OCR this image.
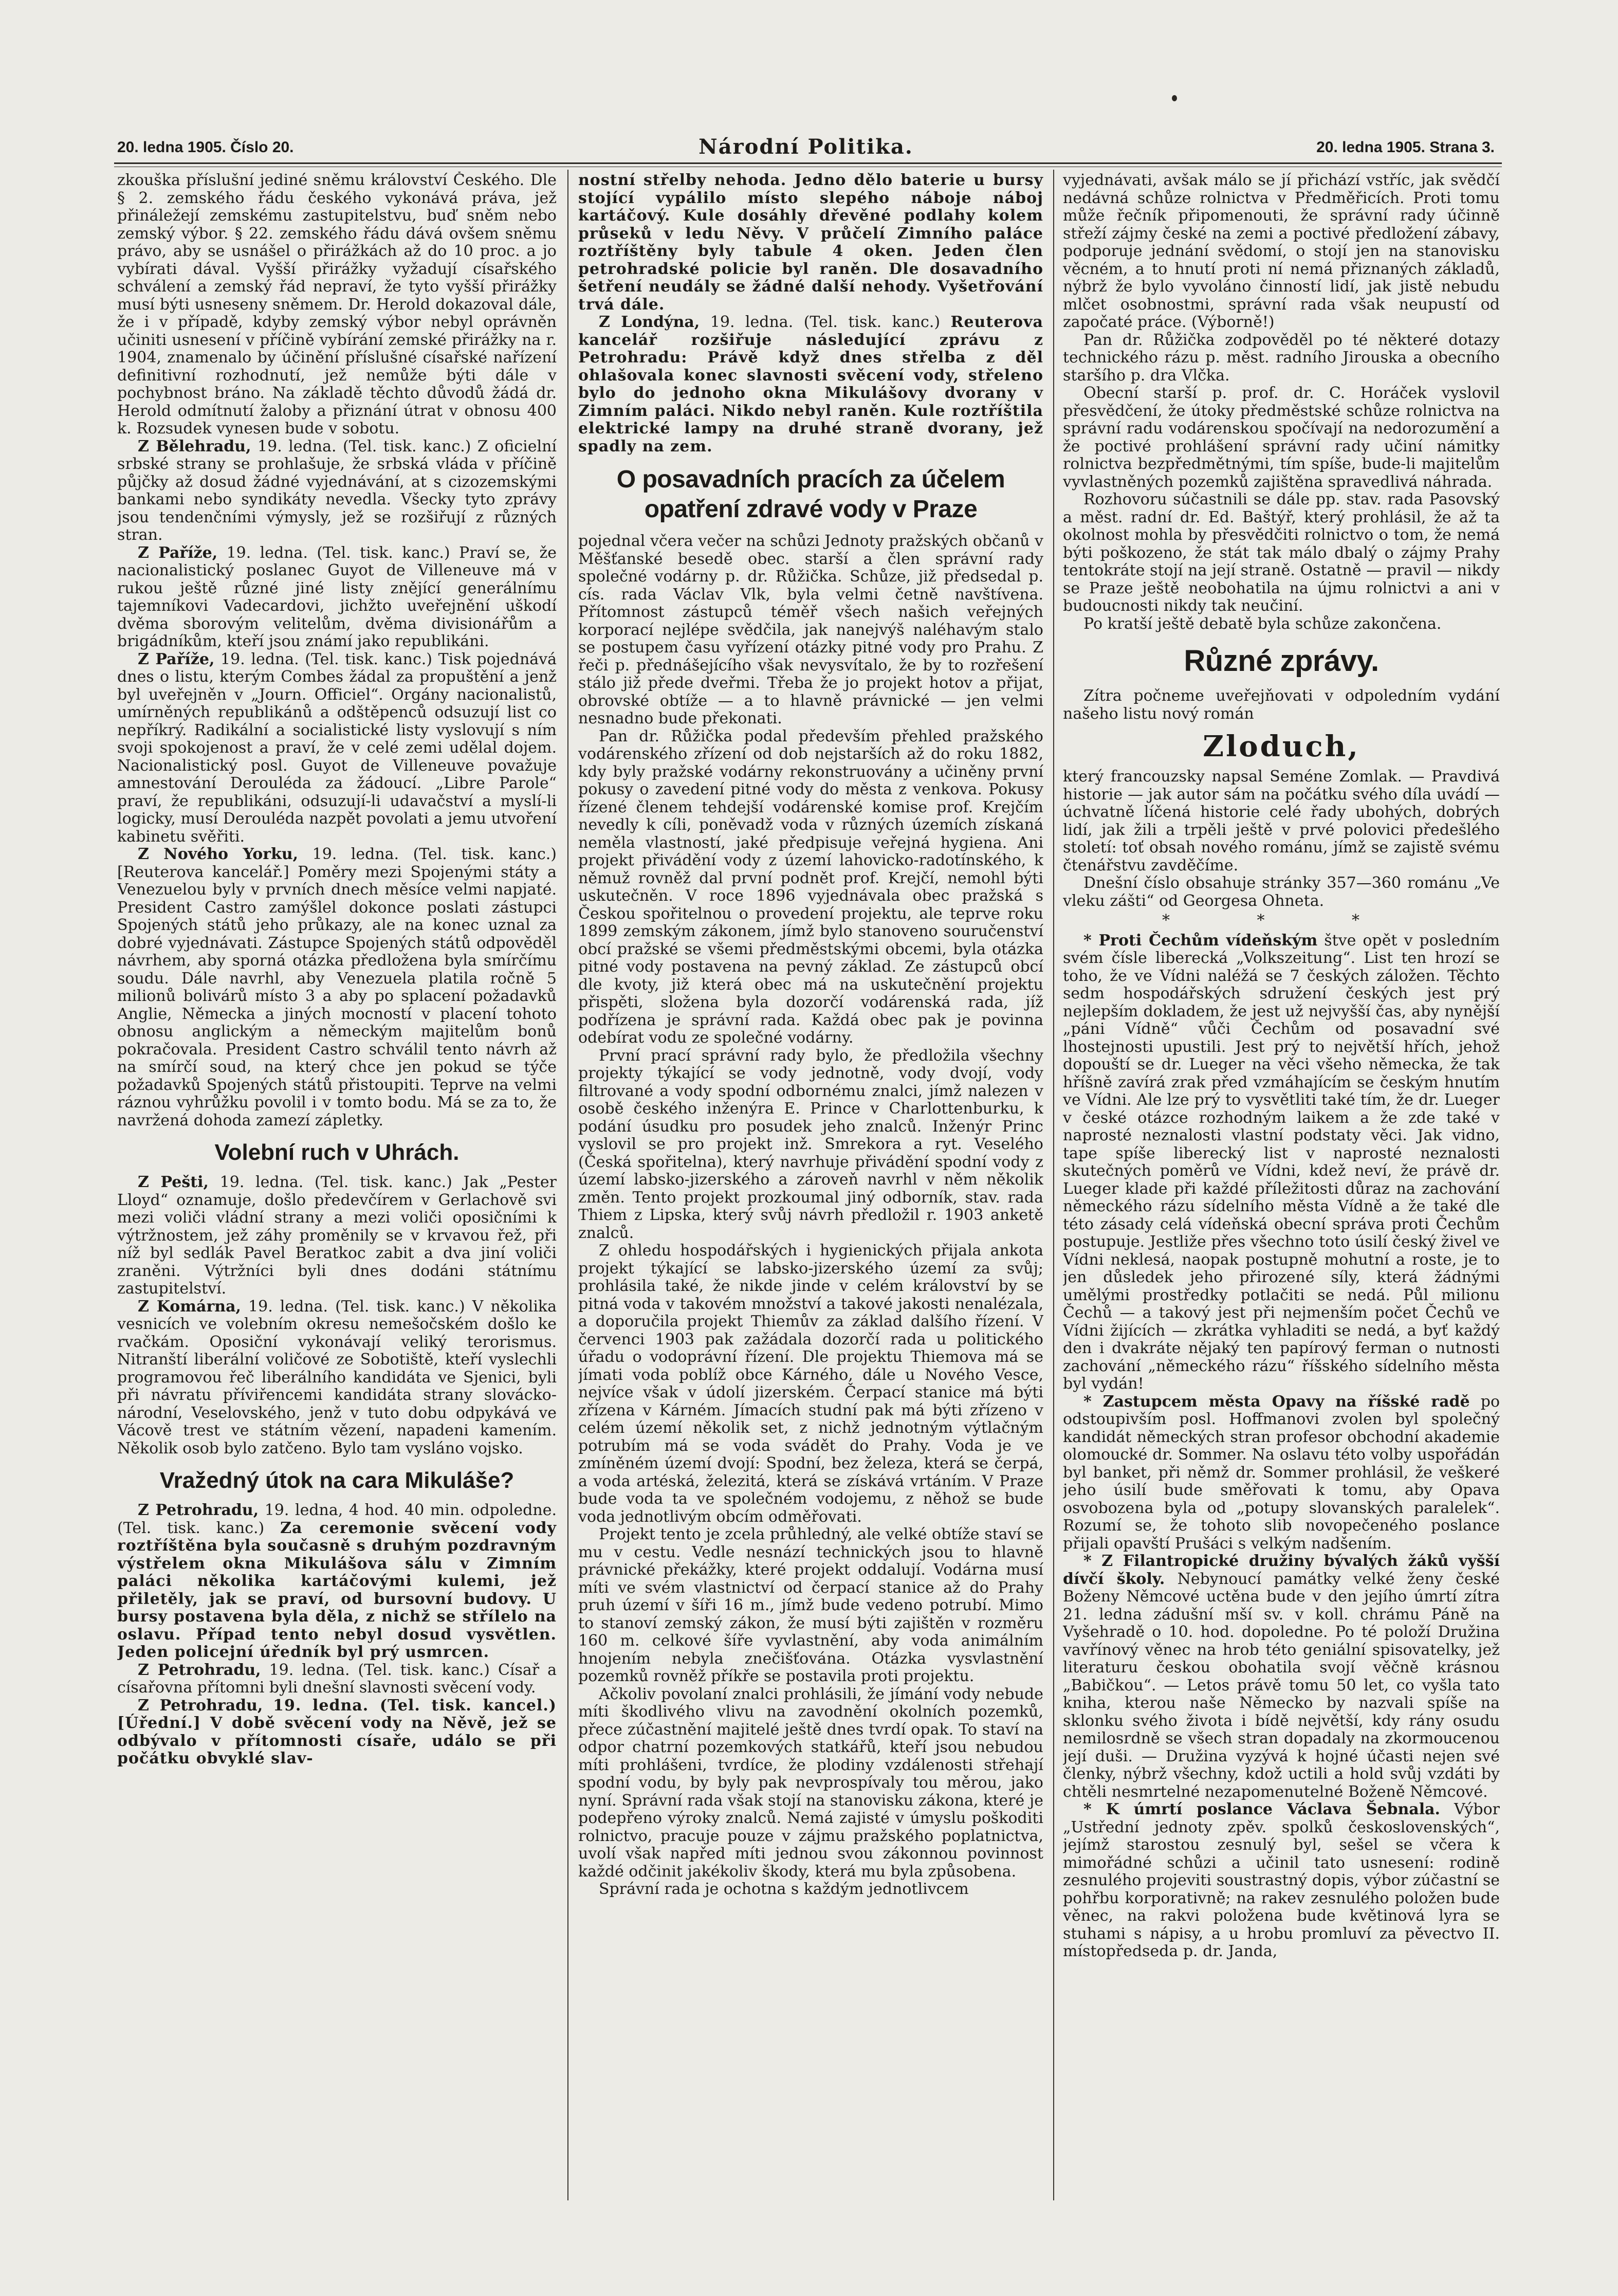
20. ledna 1905. Číslo 20.	Národní Politika.	20. ledna 1905. Strana 3.

zkouška příslušní jediné sněmu království Českého. Dle § 2. zemského řádu českého vykonává práva, jež přináležejí zemskému zastupitelstvu, buď sněm nebo zemský výbor. § 22. zemského řádu dává ovšem sněmu právo, aby se usnášel o přirážkách až do 10 proc. a jo vybírati dával. Vyšší přirážky vyžadují císařského schválení a zemský řád nepraví, že tyto vyšší přirážky musí býti usneseny sněmem. Dr. Herold dokazoval dále, že i v případě, kdyby zemský výbor nebyl oprávněn učiniti usnesení v příčině vybírání zemské přirážky na r. 1904, znamenalo by účinění příslušné císařské nařízení definitivní rozhodnutí, jež nemůže býti dále v pochybnost bráno. Na základě těchto důvodů žádá dr. Herold odmítnutí žaloby a přiznání útrat v obnosu 400 k. Rozsudek vynesen bude v sobotu.

Z Bělehradu, 19. ledna. (Tel. tisk. kanc.) Z oficielní srbské strany se prohlašuje, že srbská vláda v příčině půjčky až dosud žádné vyjednávání, at s cizozemskými bankami nebo syndikáty nevedla. Všecky tyto zprávy jsou tendenčními výmysly, jež se rozšiřují z různých stran.

Z Paříže, 19. ledna. (Tel. tisk. kanc.) Praví se, že nacionalistický poslanec Guyot de Villeneuve má v rukou ještě různé jiné listy znějící generálnímu tajemníkovi Vadecardovi, jichžto uveřejnění uškodí dvěma sborovým velitelům, dvěma divisionářům a brigádníkům, kteří jsou známí jako republikáni.

Z Paříže, 19. ledna. (Tel. tisk. kanc.) Tisk pojednává dnes o listu, kterým Combes žádal za propuštění a jenž byl uveřejněn v „Journ. Officiel“. Orgány nacionalistů, umírněných republikánů a odštěpenců odsuzují list co nepříkrý. Radikální a socialistické listy vyslovují s ním svoji spokojenost a praví, že v celé zemi udělal dojem. Nacionalistický posl. Guyot de Villeneuve považuje amnestování Derouléda za žádoucí. „Libre Parole“ praví, že republikáni, odsuzují-li udavačství a myslí-li logicky, musí Derouléda nazpět povolati a jemu utvoření kabinetu svěřiti.

Z Nového Yorku, 19. ledna. (Tel. tisk. kanc.) [Reuterova kancelář.] Poměry mezi Spojenými státy a Venezuelou byly v prvních dnech měsíce velmi napjaté. President Castro zamýšlel dokonce poslati zástupci Spojených států jeho průkazy, ale na konec uznal za dobré vyjednávati. Zástupce Spojených států odpověděl návrhem, aby sporná otázka předložena byla smírčímu soudu. Dále navrhl, aby Venezuela platila ročně 5 milionů bolivárů místo 3 a aby po splacení požadavků Anglie, Německa a jiných mocností v placení tohoto obnosu anglickým a německým majitelům bonů pokračovala. President Castro schválil tento návrh až na smírčí soud, na který chce jen pokud se týče požadavků Spojených států přistoupiti. Teprve na velmi ráznou vyhrůžku povolil i v tomto bodu. Má se za to, že navržená dohoda zamezí zápletky.

Volební ruch v Uhrách.

Z Pešti, 19. ledna. (Tel. tisk. kanc.) Jak „Pester Lloyd“ oznamuje, došlo předevčírem v Gerlachově svi mezi voliči vládní strany a mezi voliči oposičními k výtržnostem, jež záhy proměnily se v krvavou řež, při níž byl sedlák Pavel Beratkoc zabit a dva jiní voliči zraněni. Výtržníci byli dnes dodáni státnímu zastupitelství.

Z Komárna, 19. ledna. (Tel. tisk. kanc.) V několika vesnicích ve volebním okresu nemešočském došlo ke rvačkám. Oposiční vykonávají veliký terorismus. Nitranští liberální voličové ze Sobotiště, kteří vyslechli programovou řeč liberálního kandidáta ve Sjenici, byli při návratu příviřencemi kandidáta strany slovácko-národní, Veselovského, jenž v tuto dobu odpykává ve Vácově trest ve státním vězení, napadeni kamením. Několik osob bylo zatčeno. Bylo tam vysláno vojsko.

Vražedný útok na cara Mikuláše?

Z Petrohradu, 19. ledna, 4 hod. 40 min. odpoledne. (Tel. tisk. kanc.) Za ceremonie svěcení vody roztříštěna byla současně s druhým pozdravným výstřelem okna Mikulášova sálu v Zimním paláci několika kartáčovými kulemi, jež přiletěly, jak se praví, od bursovní budovy. U bursy postavena byla děla, z nichž se střílelo na oslavu. Případ tento nebyl dosud vysvětlen. Jeden policejní úředník byl prý usmrcen.

Z Petrohradu, 19. ledna. (Tel. tisk. kanc.) Císař a císařovna přítomni byli dnešní slavnosti svěcení vody.

Z Petrohradu, 19. ledna. (Tel. tisk. kancel.) [Úřední.] V době svěcení vody na Něvě, jež se odbývalo v přítomnosti císaře, událo se při počátku obvyklé slav-

nostní střelby nehoda. Jedno dělo baterie u bursy stojící vypálilo místo slepého náboje náboj kartáčový. Kule dosáhly dřevěné podlahy kolem průseků v ledu Něvy. V průčelí Zimního paláce roztříštěny byly tabule 4 oken. Jeden člen petrohradské policie byl raněn. Dle dosavadního šetření neudály se žádné další nehody. Vyšetřování trvá dále.

Z Londýna, 19. ledna. (Tel. tisk. kanc.) Reuterova kancelář rozšiřuje následující zprávu z Petrohradu: Právě když dnes střelba z děl ohlašovala konec slavnosti svěcení vody, střeleno bylo do jednoho okna Mikulášovy dvorany v Zimním paláci. Nikdo nebyl raněn. Kule roztříštila elektrické lampy na druhé straně dvorany, jež spadly na zem.

O posavadních pracích za účelem opatření zdravé vody v Praze

pojednal včera večer na schůzi Jednoty pražských občanů v Měšťanské besedě obec. starší a člen správní rady společné vodárny p. dr. Růžička. Schůze, již předsedal p. cís. rada Václav Vlk, byla velmi četně navštívena. Přítomnost zástupců téměř všech našich veřejných korporací nejlépe svědčila, jak nanejvýš naléhavým stalo se postupem času vyřízení otázky pitné vody pro Prahu. Z řeči p. přednášejícího však nevysvítalo, že by to rozřešení stálo již přede dveřmi. Třeba že jo projekt hotov a přijat, obrovské obtíže — a to hlavně právnické — jen velmi nesnadno bude překonati.

Pan dr. Růžička podal především přehled pražského vodárenského zřízení od dob nejstarších až do roku 1882, kdy byly pražské vodárny rekonstruovány a učiněny první pokusy o zavedení pitné vody do města z venkova. Pokusy řízené členem tehdejší vodárenské komise prof. Krejčím nevedly k cíli, poněvadž voda v různých územích získaná neměla vlastností, jaké předpisuje veřejná hygiena. Ani projekt přivádění vody z území lahovicko-radotínského, k němuž rovněž dal první podnět prof. Krejčí, nemohl býti uskutečněn. V roce 1896 vyjednávala obec pražská s Českou spořitelnou o provedení projektu, ale teprve roku 1899 zemským zákonem, jímž bylo stanoveno souručenství obcí pražské se všemi předměstskými obcemi, byla otázka pitné vody postavena na pevný základ. Ze zástupců obcí dle kvoty, již která obec má na uskutečnění projektu přispěti, složena byla dozorčí vodárenská rada, jíž podřízena je správní rada. Každá obec pak je povinna odebírat vodu ze společné vodárny.

První prací správní rady bylo, že předložila všechny projekty týkající se vody jednotně, vody dvojí, vody filtrované a vody spodní odbornému znalci, jímž nalezen v osobě českého inženýra E. Prince v Charlottenburku, k podání úsudku pro posudek jeho znalců. Inženýr Princ vyslovil se pro projekt inž. Smrekora a ryt. Veselého (Česká spořitelna), který navrhuje přivádění spodní vody z území labsko-jizerského a zároveň navrhl v něm několik změn. Tento projekt prozkoumal jiný odborník, stav. rada Thiem z Lipska, který svůj návrh předložil r. 1903 anketě znalců.

Z ohledu hospodářských i hygienických přijala ankota projekt týkající se labsko-jizerského území za svůj; prohlásila také, že nikde jinde v celém království by se pitná voda v takovém množství a takové jakosti nenalézala, a doporučila projekt Thiemův za základ dalšího řízení. V červenci 1903 pak zažádala dozorčí rada u politického úřadu o vodoprávní řízení. Dle projektu Thiemova má se jímati voda poblíž obce Kárného, dále u Nového Vesce, nejvíce však v údolí jizerském. Čerpací stanice má býti zřízena v Kárném. Jímacích studní pak má býti zřízeno v celém území několik set, z nichž jednotným výtlačným potrubím má se voda svádět do Prahy. Voda je ve zmíněném území dvojí: Spodní, bez železa, která se čerpá, a voda artéská, železitá, která se získává vrtáním. V Praze bude voda ta ve společném vodojemu, z něhož se bude voda jednotlivým obcím odměřovati.

Projekt tento je zcela průhledný, ale velké obtíže staví se mu v cestu. Vedle nesnází technických jsou to hlavně právnické překážky, které projekt oddalují. Vodárna musí míti ve svém vlastnictví od čerpací stanice až do Prahy pruh území v šíři 16 m., jímž bude vedeno potrubí. Mimo to stanoví zemský zákon, že musí býti zajištěn v rozměru 160 m. celkové šíře vyvlastnění, aby voda animálním hnojením nebyla znečišťována. Otázka vysvlastnění pozemků rovněž příkře se postavila proti projektu.

Ačkoliv povolaní znalci prohlásili, že jímání vody nebude míti škodlivého vlivu na zavodnění okolních pozemků, přece zúčastnění majitelé ještě dnes tvrdí opak. To staví na odpor chatrní pozemkových statkářů, kteří jsou nebudou míti prohlášeni, tvrdíce, že plodiny vzdálenosti střehají spodní vodu, by byly pak nevprospívaly tou měrou, jako nyní. Správní rada však stojí na stanovisku zákona, které je podepřeno výroky znalců. Nemá zajisté v úmyslu poškoditi rolnictvo, pracuje pouze v zájmu pražského poplatnictva, uvolí však napřed míti jednou svou zákonnou povinnost každé odčinit jakékoliv škody, která mu byla způsobena.

Správní rada je ochotna s každým jednotlivcem

vyjednávati, avšak málo se jí přichází vstříc, jak svědčí nedávná schůze rolnictva v Předměřicích. Proti tomu může řečník připomenouti, že správní rady účinně střeží zájmy české na zemi a poctivé předložení zábavy, podporuje jednání svědomí, o stojí jen na stanovisku věcném, a to hnutí proti ní nemá přiznaných základů, nýbrž že bylo vyvoláno činností lidí, jak jistě nebudu mlčet osobnostmi, správní rada však neupustí od započaté práce. (Výborně!)

Pan dr. Růžička zodpověděl po té některé dotazy technického rázu p. měst. radního Jirouska a obecního staršího p. dra Vlčka.

Obecní starší p. prof. dr. C. Horáček vyslovil přesvědčení, že útoky předměstské schůze rolnictva na správní radu vodárenskou spočívají na nedorozumění a že poctivé prohlášení správní rady učiní námitky rolnictva bezpředmětnými, tím spíše, bude-li majitelům vyvlastněných pozemků zajištěna spravedlivá náhrada.

Rozhovoru súčastnili se dále pp. stav. rada Pasovský a měst. radní dr. Ed. Baštýř, který prohlásil, že až ta okolnost mohla by přesvědčiti rolnictvo o tom, že nemá býti poškozeno, že stát tak málo dbalý o zájmy Prahy tentokráte stojí na její straně. Ostatně — pravil — nikdy se Praze ještě neobohatila na újmu rolnictvi a ani v budoucnosti nikdy tak neučiní.

Po kratší ještě debatě byla schůze zakončena.

Různé zprávy.

Zítra počneme uveřejňovati v odpoledním vydání našeho listu nový román

Zloduch,

který francouzsky napsal Seméne Zomlak. — Pravdivá historie — jak autor sám na počátku svého díla uvádí — úchvatně líčená historie celé řady ubohých, dobrých lidí, jak žili a trpěli ještě v prvé polovici předešlého století: toť obsah nového románu, jímž se zajistě svému čtenářstvu zavděčíme.

Dnešní číslo obsahuje stránky 357—360 románu „Ve vleku zášti“ od Georgesa Ohneta.

* * *

* Proti Čechům vídeňským štve opět v posledním svém čísle liberecká „Volkszeitung“. List ten hrozí se toho, že ve Vídni naléžá se 7 českých záložen. Těchto sedm hospodářských sdružení českých jest prý nejlepším dokladem, že jest už nejvyšší čas, aby nynější „páni Vídně“ vůči Čechům od posavadní své lhostejnosti upustili. Jest prý to největší hřích, jehož dopouští se dr. Lueger na věci všeho německa, že tak hříšně zavírá zrak před vzmáhajícím se českým hnutím ve Vídni. Ale lze prý to vysvětliti také tím, že dr. Lueger v české otázce rozhodným laikem a že zde také v naprosté neznalosti vlastní podstaty věci. Jak vidno, tape spíše liberecký list v naprosté neznalosti skutečných poměrů ve Vídni, kdež neví, že právě dr. Lueger klade při každé příležitosti důraz na zachování německého rázu sídelního města Vídně a že také dle této zásady celá vídeňská obecní správa proti Čechům postupuje. Jestliže přes všechno toto úsilí český živel ve Vídni neklesá, naopak postupně mohutní a roste, je to jen důsledek jeho přirozené síly, která žádnými umělými prostředky potlačiti se nedá. Půl milionu Čechů — a takový jest při nejmenším počet Čechů ve Vídni žijících — zkrátka vyhladiti se nedá, a byť každý den i dvakráte nějaký ten papírový ferman o nutnosti zachování „německého rázu“ říšského sídelního města byl vydán!

* Zastupcem města Opavy na říšské radě po odstoupivším posl. Hoffmanovi zvolen byl společný kandidát německých stran profesor obchodní akademie olomoucké dr. Sommer. Na oslavu této volby uspořádán byl banket, při němž dr. Sommer prohlásil, že veškeré jeho úsilí bude směřovati k tomu, aby Opava osvobozena byla od „potupy slovanských paralelek“. Rozumí se, že tohoto slib novopečeného poslance přijali opavští Prušáci s velkým nadšením.

* Z Filantropické družiny bývalých žáků vyšší dívčí školy. Nebynoucí památky velké ženy české Boženy Němcové uctěna bude v den jejího úmrtí zítra 21. ledna zádušní mší sv. v koll. chrámu Páně na Vyšehradě o 10. hod. dopoledne. Po té položí Družina vavřínový věnec na hrob této geniální spisovatelky, jež literaturu českou obohatila svojí věčně krásnou „Babičkou“. — Letos právě tomu 50 let, co vyšla tato kniha, kterou naše Německo by nazvali spíše na sklonku svého života i bídě největší, kdy rány osudu nemilosrdně se všech stran dopadaly na zkormoucenou její duši. — Družina vyzývá k hojné účasti nejen své členky, nýbrž všechny, kdož uctili a hold svůj vzdáti by chtěli nesmrtelné nezapomenutelné Boženě Němcové.

* K úmrtí poslance Václava Šebnala. Výbor „Ustřední jednoty zpěv. spolků československých“, jejímž starostou zesnulý byl, sešel se včera k mimořádné schůzi a učinil tato usnesení: rodině zesnulého projeviti soustrastný dopis, výbor zúčastní se pohřbu korporativně; na rakev zesnulého položen bude věnec, na rakvi položena bude květinová lyra se stuhami s nápisy, a u hrobu promluví za pěvectvo II. místopředseda p. dr. Janda,
